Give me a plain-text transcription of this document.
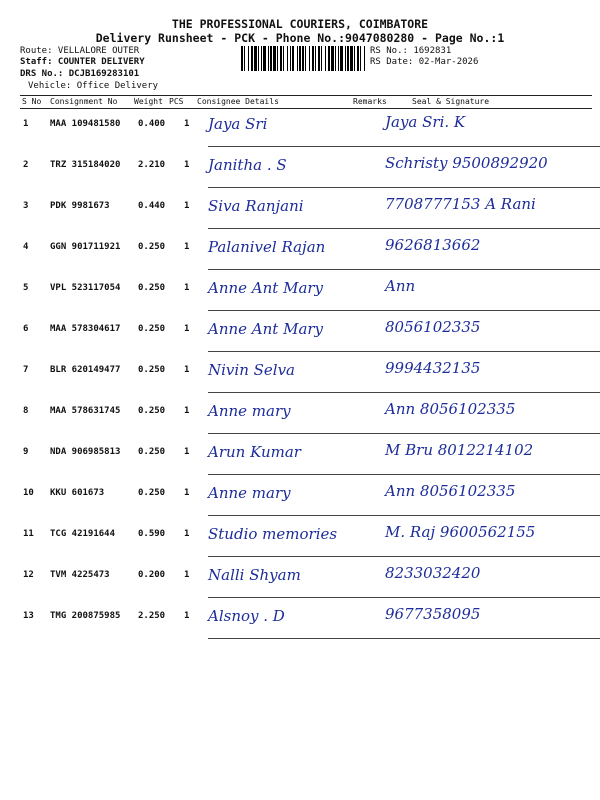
THE PROFESSIONAL COURIERS, COIMBATORE
Delivery Runsheet - PCK - Phone No.:9047080280 - Page No.:1
Route: VELLALORE OUTER
Staff: COUNTER DELIVERY
DRS No.: DCJB169283101
Vehicle: Office Delivery
RS No.: 1692831
RS Date: 02-Mar-2026
S No Consignment No Weight PCS Consignee Details	Remarks	Seal & Signature
1 MAA 109481580 0.400 1 Jaya Sri	Jaya Sri. K
2 TRZ 315184020 2.210 1 Janitha . S	Schristy 9500892920
3 PDK 9981673	0.440 1 Siva Ranjani	7708777153 A Rani
4 GGN 901711921 0.250 1 Palanivel Rajan	9626813662
5 VPL 523117054 0.250 1 Anne Ant Mary	Ann
6 MAA 578304617 0.250 1 Anne Ant Mary	8056102335
7 BLR 620149477 0.250 1 Nivin Selva	9994432135
8 MAA 578631745 0.250 1 Anne mary	Ann 8056102335
9 NDA 906985813 0.250 1 Arun Kumar	M Bru 8012214102
10 KKU 601673	0.250 1 Anne mary	Ann 8056102335
11 TCG 42191644	0.590 1 Studio memories	M. Raj 9600562155
12 TVM 4225473	0.200 1 Nalli Shyam	8233032420
13 TMG 200875985 2.250 1 Alsnoy . D	9677358095
